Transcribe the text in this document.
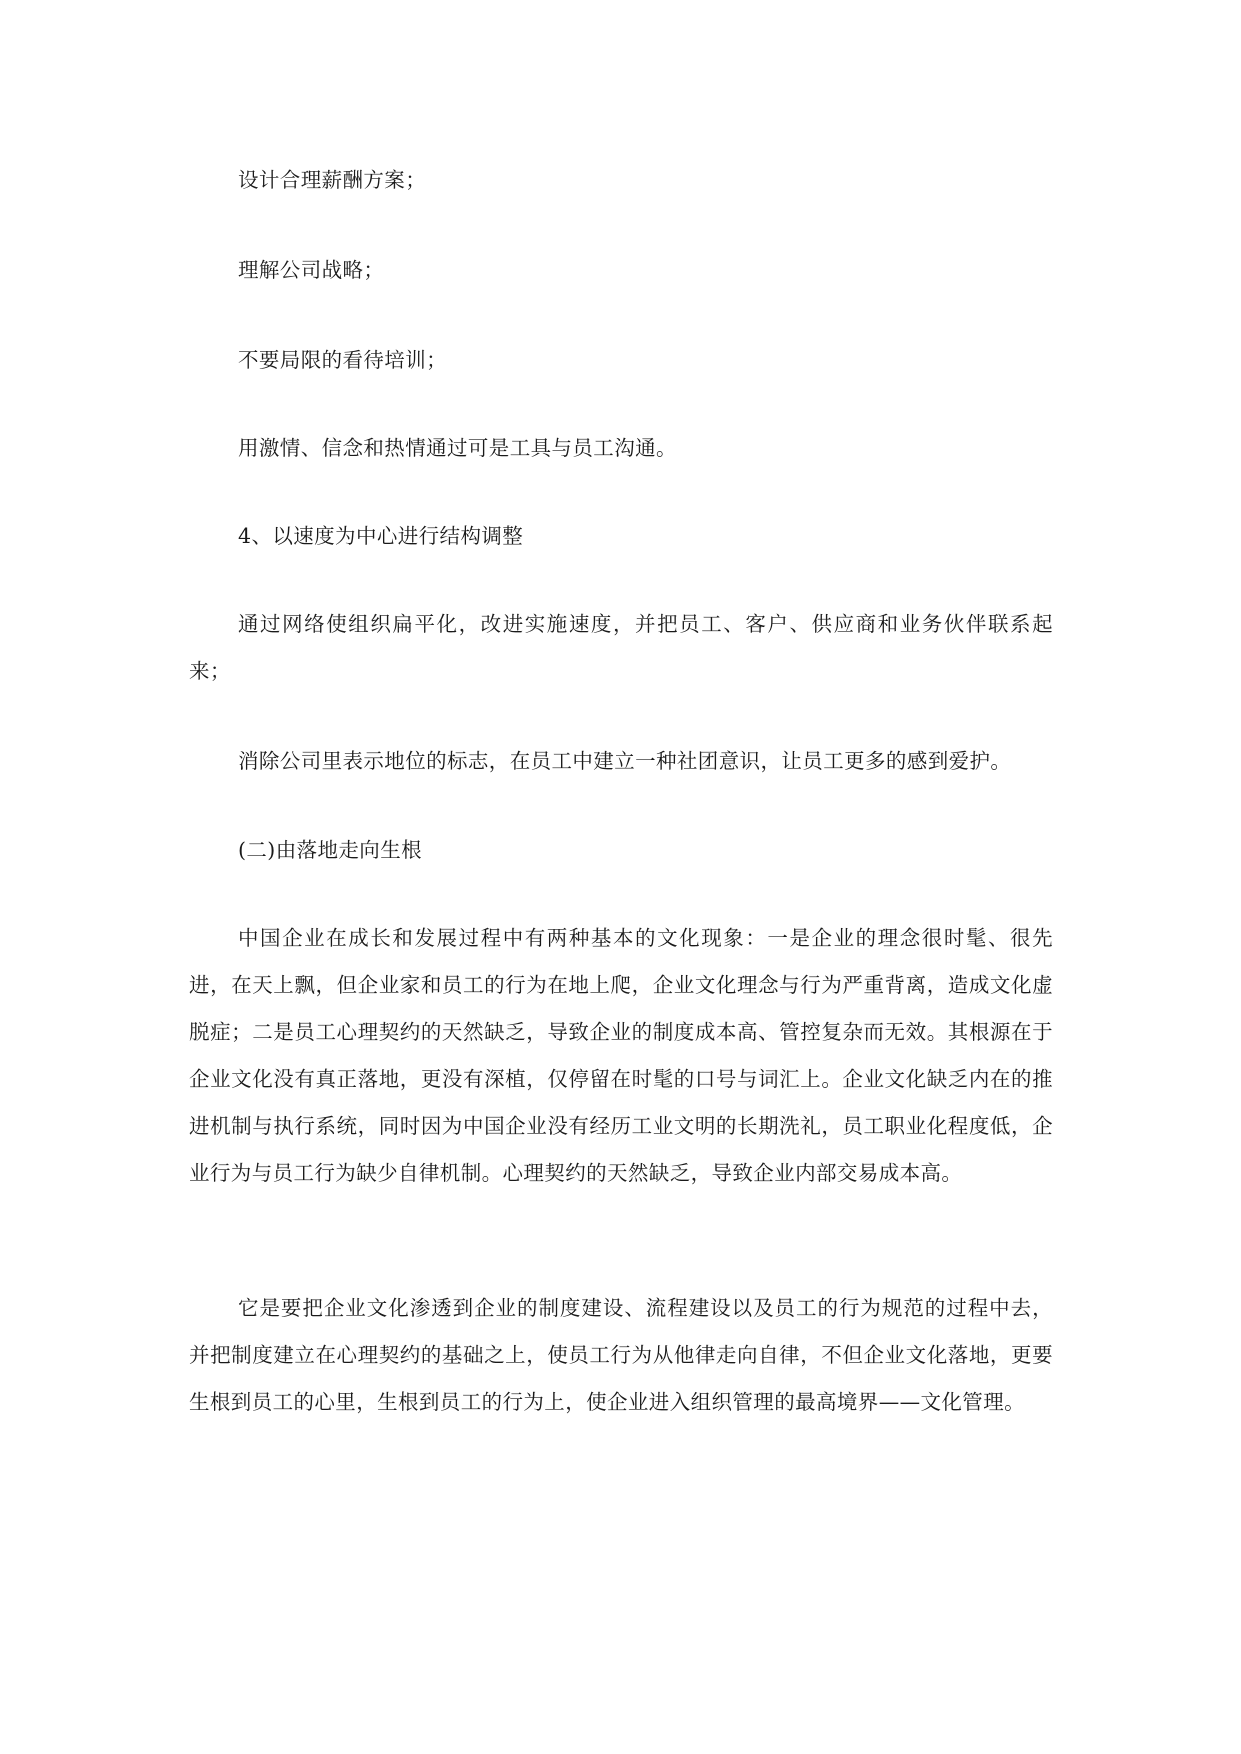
设计合理薪酬方案；

理解公司战略；

不要局限的看待培训；

用激情、信念和热情通过可是工具与员工沟通。

4、以速度为中心进行结构调整

通过网络使组织扁平化，改进实施速度，并把员工、客户、供应商和业务伙伴联系起来；

消除公司里表示地位的标志，在员工中建立一种社团意识，让员工更多的感到爱护。

(二)由落地走向生根

中国企业在成长和发展过程中有两种基本的文化现象：一是企业的理念很时髦、很先进，在天上飘，但企业家和员工的行为在地上爬，企业文化理念与行为严重背离，造成文化虚脱症；二是员工心理契约的天然缺乏，导致企业的制度成本高、管控复杂而无效。其根源在于企业文化没有真正落地，更没有深植，仅停留在时髦的口号与词汇上。企业文化缺乏内在的推进机制与执行系统，同时因为中国企业没有经历工业文明的长期洗礼，员工职业化程度低，企业行为与员工行为缺少自律机制。心理契约的天然缺乏，导致企业内部交易成本高。

它是要把企业文化渗透到企业的制度建设、流程建设以及员工的行为规范的过程中去，并把制度建立在心理契约的基础之上，使员工行为从他律走向自律，不但企业文化落地，更要生根到员工的心里，生根到员工的行为上，使企业进入组织管理的最高境界——文化管理。
